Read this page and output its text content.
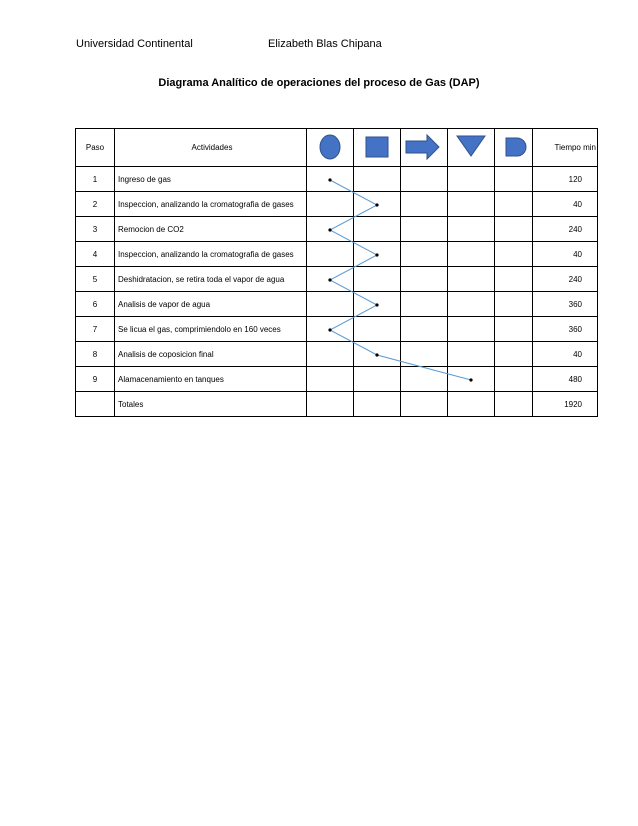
Universidad Continental	Elizabeth Blas Chipana
Diagrama Analítico de operaciones del proceso de Gas (DAP)
Paso	Actividades						Tiempo min
1	Ingreso de gas						120
2	Inspeccion, analizando la cromatografia de gases						40
3	Remocion de CO2						240
4	Inspeccion, analizando la cromatografia de gases						40
5	Deshidratacion, se retira toda el vapor de agua						240
6	Analisis de vapor de agua						360
7	Se licua el gas, comprimiendolo en 160 veces						360
8	Analisis de coposicion final						40
9	Alamacenamiento en tanques						480
	Totales						1920
